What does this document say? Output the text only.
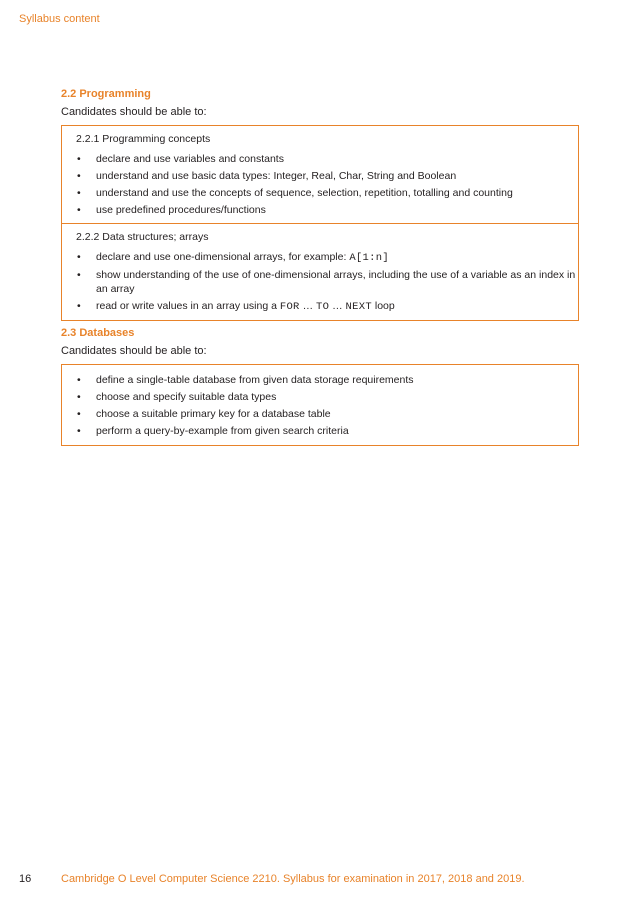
Syllabus content
2.2 Programming
Candidates should be able to:
2.2.1 Programming concepts
• declare and use variables and constants
• understand and use basic data types: Integer, Real, Char, String and Boolean
• understand and use the concepts of sequence, selection, repetition, totalling and counting
• use predefined procedures/functions
2.2.2 Data structures; arrays
• declare and use one-dimensional arrays, for example: A[1:n]
• show understanding of the use of one-dimensional arrays, including the use of a variable as an index in an array
• read or write values in an array using a FOR … TO … NEXT loop
2.3 Databases
Candidates should be able to:
• define a single-table database from given data storage requirements
• choose and specify suitable data types
• choose a suitable primary key for a database table
• perform a query-by-example from given search criteria
16	Cambridge O Level Computer Science 2210. Syllabus for examination in 2017, 2018 and 2019.
